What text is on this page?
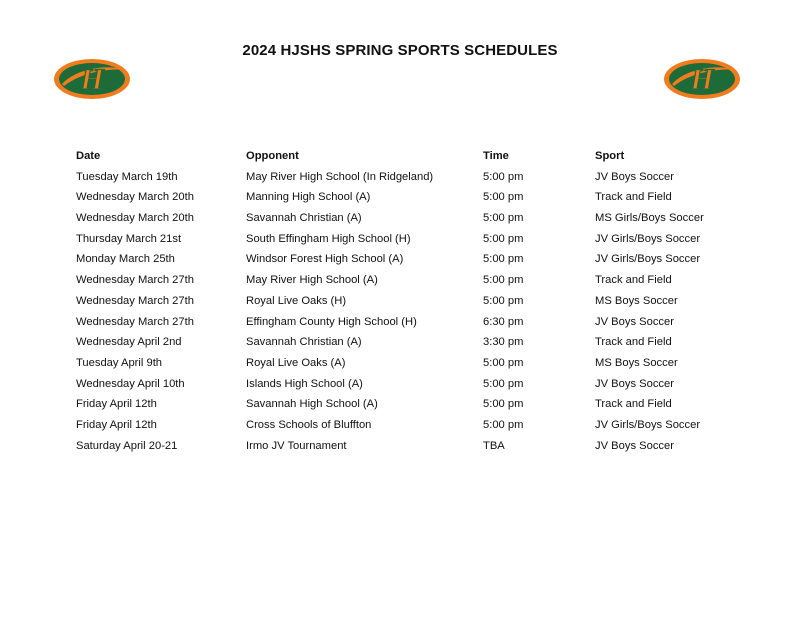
2024 HJSHS SPRING SPORTS SCHEDULES
H	H
Date	Opponent	Time	Sport
Tuesday March 19th	May River High School (In Ridgeland)	5:00 pm	JV Boys Soccer
Wednesday March 20th	Manning High School (A)	5:00 pm	Track and Field
Wednesday March 20th	Savannah Christian (A)	5:00 pm	MS Girls/Boys Soccer
Thursday March 21st	South Effingham High School (H)	5:00 pm	JV Girls/Boys Soccer
Monday March 25th	Windsor Forest High School (A)	5:00 pm	JV Girls/Boys Soccer
Wednesday March 27th	May River High School (A)	5:00 pm	Track and Field
Wednesday March 27th	Royal Live Oaks (H)	5:00 pm	MS Boys Soccer
Wednesday March 27th	Effingham County High School (H)	6:30 pm	JV Boys Soccer
Wednesday April 2nd	Savannah Christian (A)	3:30 pm	Track and Field
Tuesday April 9th	Royal Live Oaks (A)	5:00 pm	MS Boys Soccer
Wednesday April 10th	Islands High School (A)	5:00 pm	JV Boys Soccer
Friday April 12th	Savannah High School (A)	5:00 pm	Track and Field
Friday April 12th	Cross Schools of Bluffton	5:00 pm	JV Girls/Boys Soccer
Saturday April 20-21	Irmo JV Tournament	TBA	JV Boys Soccer
